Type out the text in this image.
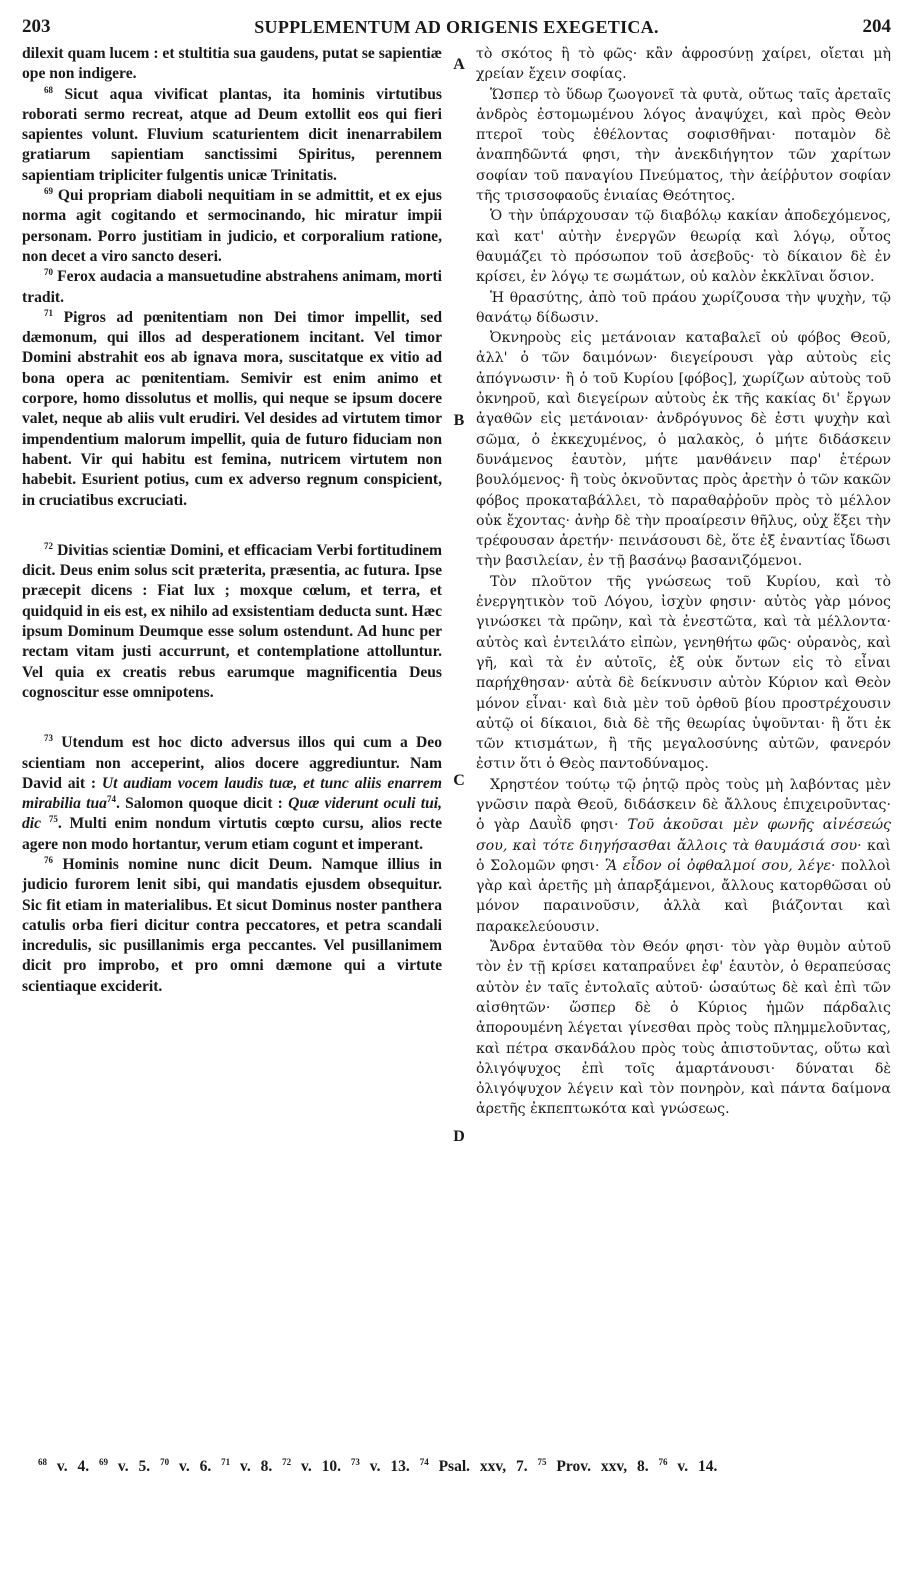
203	SUPPLEMENTUM AD ORIGENIS EXEGETICA.	204

dilexit quam lucem : et stultitia sua gaudens, putat se sapientiæ ope non indigere.

$^{68}$ Sicut aqua vivificat plantas, ita hominis virtutibus roborati sermo recreat, atque ad Deum extollit eos qui fieri sapientes volunt. Fluvium scaturientem dicit inenarrabilem gratiarum sapientiam sanctissimi Spiritus, perennem sapientiam tripliciter fulgentis unicæ Trinitatis.

$^{69}$ Qui propriam diaboli nequitiam in se admittit, et ex ejus norma agit cogitando et sermocinando, hic miratur impii personam. Porro justitiam in judicio, et corporalium ratione, non decet a viro sancto deseri.

$^{70}$ Ferox audacia a mansuetudine abstrahens animam, morti tradit.

$^{71}$ Pigros ad pœnitentiam non Dei timor impellit, sed dæmonum, qui illos ad desperationem incitant. Vel timor Domini abstrahit eos ab ignava mora, suscitatque ex vitio ad bona opera ac pœnitentiam. Semivir est enim animo et corpore, homo dissolutus et mollis, qui neque se ipsum docere valet, neque ab aliis vult erudiri. Vel desides ad virtutem timor impendentium malorum impellit, quia de futuro fiduciam non habent. Vir qui habitu est femina, nutricem virtutem non habebit. Esurient potius, cum ex adverso regnum conspicient, in cruciatibus excruciati.

$^{72}$ Divitias scientiæ Domini, et efficaciam Verbi fortitudinem dicit. Deus enim solus scit præterita, præsentia, ac futura. Ipse præcepit dicens : Fiat lux ; moxque cœlum, et terra, et quidquid in eis est, ex nihilo ad exsistentiam deducta sunt. Hæc ipsum Dominum Deumque esse solum ostendunt. Ad hunc per rectam vitam justi accurrunt, et contemplatione attolluntur. Vel quia ex creatis rebus earumque magnificentia Deus cognoscitur esse omnipotens.

$^{73}$ Utendum est hoc dicto adversus illos qui cum a Deo scientiam non acceperint, alios docere aggrediuntur. Nam David ait : Ut audiam vocem laudis tuæ, et tunc aliis enarrem mirabilia tua$^{74}$. Salomon quoque dicit : Quæ viderunt oculi tui, dic $^{75}$. Multi enim nondum virtutis cœpto cursu, alios recte agere non modo hortantur, verum etiam cogunt et imperant.

$^{76}$ Hominis nomine nunc dicit Deum. Namque illius in judicio furorem lenit sibi, qui mandatis ejusdem obsequitur. Sic fit etiam in materialibus. Et sicut Dominus noster panthera catulis orba fieri dicitur contra peccatores, et petra scandali incredulis, sic pusillanimis erga peccantes. Vel pusillanimem dicit pro improbo, et pro omni dæmone qui a virtute scientiaque exciderit.

τὸ σκότος ἢ τὸ φῶς· κἂν ἀφροσύνῃ χαίρει, οἴεται μὴ χρείαν ἔχειν σοφίας.

Ὥσπερ τὸ ὕδωρ ζωογονεῖ τὰ φυτὰ, οὕτως ταῖς ἀρεταῖς ἀνδρὸς ἐστομωμένου λόγος ἀναψύχει, καὶ πρὸς Θεὸν πτεροῖ τοὺς ἐθέλοντας σοφισθῆναι· ποταμὸν δὲ ἀναπηδῶντά φησι, τὴν ἀνεκδιήγητον τῶν χαρίτων σοφίαν τοῦ παναγίου Πνεύματος, τὴν ἀείῤῥυτον σοφίαν τῆς τρισσοφαοῦς ἑνιαίας Θεότητος.

Ὁ τὴν ὑπάρχουσαν τῷ διαβόλῳ κακίαν ἀποδεχόμενος, καὶ κατ' αὐτὴν ἐνεργῶν θεωρίᾳ καὶ λόγῳ, οὗτος θαυμάζει τὸ πρόσωπον τοῦ ἀσεβοῦς· τὸ δίκαιον δὲ ἐν κρίσει, ἐν λόγῳ τε σωμάτων, οὐ καλὸν ἐκκλῖναι ὅσιον.

Ἡ θρασύτης, ἀπὸ τοῦ πράου χωρίζουσα τὴν ψυχὴν, τῷ θανάτῳ δίδωσιν.

Ὀκνηροὺς εἰς μετάνοιαν καταβαλεῖ οὐ φόβος Θεοῦ, ἀλλ' ὁ τῶν δαιμόνων· διεγείρουσι γὰρ αὐτοὺς εἰς ἀπόγνωσιν· ἢ ὁ τοῦ Κυρίου [φόβος], χωρίζων αὐτοὺς τοῦ ὀκνηροῦ, καὶ διεγείρων αὐτοὺς ἐκ τῆς κακίας δι' ἔργων ἀγαθῶν εἰς μετάνοιαν· ἀνδρόγυνος δὲ ἐστι ψυχὴν καὶ σῶμα, ὁ ἐκκεχυμένος, ὁ μαλακὸς, ὁ μήτε διδάσκειν δυνάμενος ἑαυτὸν, μήτε μανθάνειν παρ' ἑτέρων βουλόμενος· ἢ τοὺς ὀκνοῦντας πρὸς ἀρετὴν ὁ τῶν κακῶν φόβος προκαταβάλλει, τὸ παραθαῤῥοῦν πρὸς τὸ μέλλον οὐκ ἔχοντας· ἀνὴρ δὲ τὴν προαίρεσιν θῆλυς, οὐχ ἕξει τὴν τρέφουσαν ἀρετήν· πεινάσουσι δὲ, ὅτε ἐξ ἐναντίας ἴδωσι τὴν βασιλείαν, ἐν τῇ βασάνῳ βασανιζόμενοι.

Τὸν πλοῦτον τῆς γνώσεως τοῦ Κυρίου, καὶ τὸ ἐνεργητικὸν τοῦ Λόγου, ἰσχὺν φησιν· αὐτὸς γὰρ μόνος γινώσκει τὰ πρῶην, καὶ τὰ ἐνεστῶτα, καὶ τὰ μέλλοντα· αὐτὸς καὶ ἐντειλάτο εἰπὼν, γενηθήτω φῶς· οὐρανὸς, καὶ γῆ, καὶ τὰ ἐν αὐτοῖς, ἐξ οὐκ ὄντων εἰς τὸ εἶναι παρήχθησαν· αὐτὰ δὲ δείκνυσιν αὐτὸν Κύριον καὶ Θεὸν μόνον εἶναι· καὶ διὰ μὲν τοῦ ὀρθοῦ βίου προστρέχουσιν αὐτῷ οἱ δίκαιοι, διὰ δὲ τῆς θεωρίας ὑψοῦνται· ἢ ὅτι ἐκ τῶν κτισμάτων, ἢ τῆς μεγαλοσύνης αὐτῶν, φανερόν ἐστιν ὅτι ὁ Θεὸς παντοδύναμος.

Χρηστέον τούτῳ τῷ ῥητῷ πρὸς τοὺς μὴ λαβόντας μὲν γνῶσιν παρὰ Θεοῦ, διδάσκειν δὲ ἄλλους ἐπιχειροῦντας· ὁ γὰρ Δαυῒδ φησι· Τοῦ ἀκοῦσαι μὲν φωνῆς αἰνέσεώς σου, καὶ τότε διηγήσασθαι ἄλλοις τὰ θαυμάσιά σου· καὶ ὁ Σολομῶν φησι· Ἃ εἶδον οἱ ὀφθαλμοί σου, λέγε· πολλοὶ γὰρ καὶ ἀρετῆς μὴ ἀπαρξάμενοι, ἄλλους κατορθῶσαι οὐ μόνον παραινοῦσιν, ἀλλὰ καὶ βιάζονται καὶ παρακελεύουσιν.

Ἄνδρα ἐνταῦθα τὸν Θεόν φησι· τὸν γὰρ θυμὸν αὐτοῦ τὸν ἐν τῇ κρίσει καταπραΰνει ἐφ' ἑαυτὸν, ὁ θεραπεύσας αὐτὸν ἐν ταῖς ἐντολαῖς αὐτοῦ· ὡσαύτως δὲ καὶ ἐπὶ τῶν αἰσθητῶν· ὥσπερ δὲ ὁ Κύριος ἡμῶν πάρδαλις ἀπορουμένη λέγεται γίνεσθαι πρὸς τοὺς πλημμελοῦντας, καὶ πέτρα σκανδάλου πρὸς τοὺς ἀπιστοῦντας, οὕτω καὶ ὀλιγόψυχος ἐπὶ τοῖς ἁμαρτάνουσι· δύναται δὲ ὀλιγόψυχον λέγειν καὶ τὸν πονηρὸν, καὶ πάντα δαίμονα ἀρετῆς ἐκπεπτωκότα καὶ γνώσεως.

A
B
C
D
$^{68}$ v. 4. $^{69}$ v. 5. $^{70}$ v. 6. $^{71}$ v. 8. $^{72}$ v. 10. $^{73}$ v. 13. $^{74}$ Psal. xxv, 7. $^{75}$ Prov. xxv, 8. $^{76}$ v. 14.
